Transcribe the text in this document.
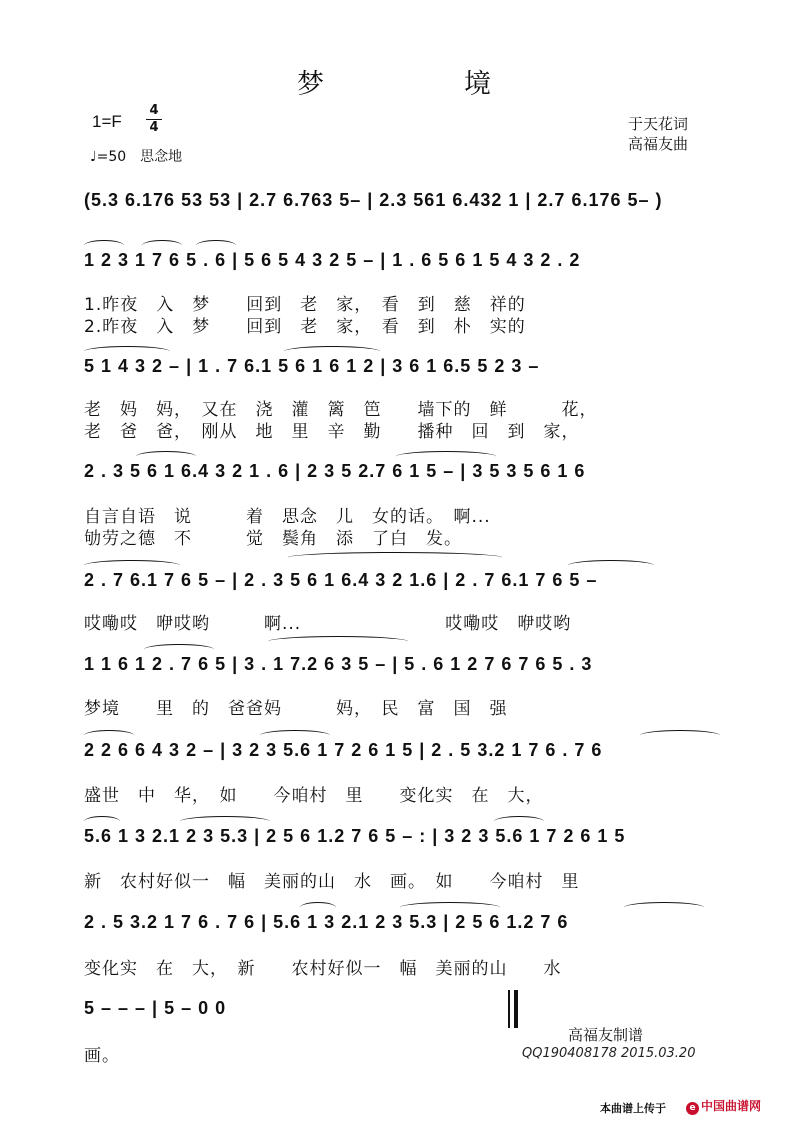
梦	境
1=F
4
4
♩=50　思念地
于天花词
高福友曲
(5.3 6.176 53 53 | 2.7 6.763 5– | 2.3 561 6.432 1 | 2.7 6.176 5– )
1 2 3 1 7 6 5 . 6 | 5 6 5 4 3 2 5 – | 1 . 6 5 6 1 5 4 3 2 . 2
1.昨夜　入　梦　　回到　老　家，　看　到　慈　祥的
2.昨夜　入　梦　　回到　老　家，　看　到　朴　实的
5 1 4 3 2 – | 1 . 7 6.1 5 6 1 6 1 2 | 3 6 1 6.5 5 2 3 –
老　妈　妈，　又在　浇　灌　篱　笆　　墙下的　鲜　　　花，
老　爸　爸，　刚从　地　里　辛　勤　　播种　回　到　家，
2 . 3 5 6 1 6.4 3 2 1 . 6 | 2 3 5 2.7 6 1 5 – | 3 5 3 5 6 1 6
自言自语　说　　　着　思念　儿　女的话。　啊...
劬劳之德　不　　　觉　鬓角　添　了白　发。
2 . 7 6.1 7 6 5 – | 2 . 3 5 6 1 6.4 3 2 1.6 | 2 . 7 6.1 7 6 5 –
哎嘞哎　咿哎哟　　　啊...　　　　　　　　哎嘞哎　咿哎哟
1 1 6 1 2 . 7 6 5 | 3 . 1 7.2 6 3 5 – | 5 . 6 1 2 7 6 7 6 5 . 3
梦境　　里　的　爸爸妈　　　妈，　民　富　国　强
2 2 6 6 4 3 2 – | 3 2 3 5.6 1 7 2 6 1 5 | 2 . 5 3.2 1 7 6 . 7 6
盛世　中　华，　如　　今咱村　里　　变化实　在　大，
5.6 1 3 2.1 2 3 5.3 | 2 5 6 1.2 7 6 5 – : | 3 2 3 5.6 1 7 2 6 1 5
新　农村好似一　幅　美丽的山　水　画。　如　　今咱村　里
2 . 5 3.2 1 7 6 . 7 6 | 5.6 1 3 2.1 2 3 5.3 | 2 5 6 1.2 7 6
变化实　在　大，　新　　农村好似一　幅　美丽的山　　水
5 – – – | 5 – 0 0
画。
高福友制谱
QQ190408178 2015.03.20
本曲谱上传于	e 中国曲谱网
